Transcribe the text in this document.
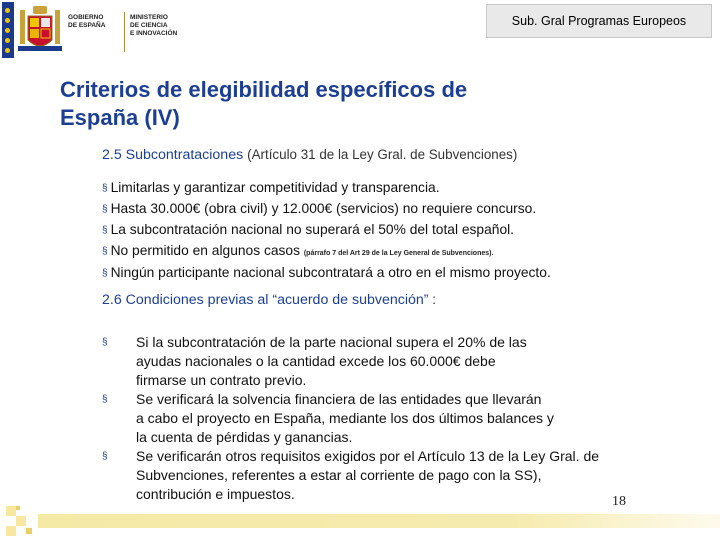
GOBIERNO
DE ESPAÑA
MINISTERIO
DE CIENCIA
E INNOVACIÓN
Sub. Gral Programas Europeos
Criterios de elegibilidad específicos de
España (IV)
2.5 Subcontrataciones (Artículo 31 de la Ley Gral. de Subvenciones)
§ Limitarlas y garantizar competitividad y transparencia.
§ Hasta 30.000€ (obra civil) y 12.000€ (servicios) no requiere concurso.
§ La subcontratación nacional no superará el 50% del total español.
§ No permitido en algunos casos (párrafo 7 del Art 29 de la Ley General de Subvenciones).
§ Ningún participante nacional subcontratará a otro en el mismo proyecto.
2.6 Condiciones previas al “acuerdo de subvención” :
§ Si la subcontratación de la parte nacional supera el 20% de las
ayudas nacionales o la cantidad excede los 60.000€ debe
firmarse un contrato previo.
§ Se verificará la solvencia financiera de las entidades que llevarán
a cabo el proyecto en España, mediante los dos últimos balances y
la cuenta de pérdidas y ganancias.
§ Se verificarán otros requisitos exigidos por el Artículo 13 de la Ley Gral. de
Subvenciones, referentes a estar al corriente de pago con la SS),
contribución e impuestos.	18
